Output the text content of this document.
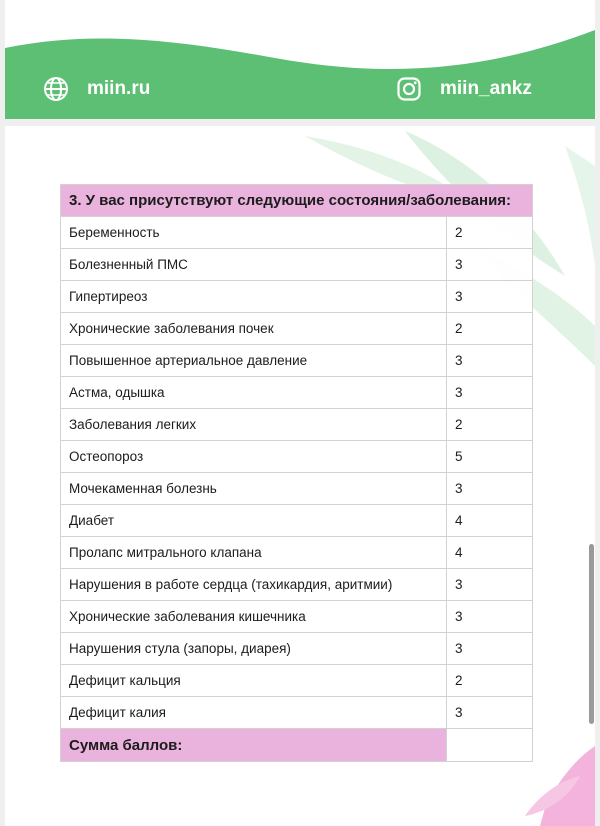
miin.ru	miin_ankz
3. У вас присутствуют следующие состояния/заболевания:	
Беременность	2
Болезненный ПМС	3
Гипертиреоз	3
Хронические заболевания почек	2
Повышенное артериальное давление	3
Астма, одышка	3
Заболевания легких	2
Остеопороз	5
Мочекаменная болезнь	3
Диабет	4
Пролапс митрального клапана	4
Нарушения в работе сердца (тахикардия, аритмии)	3
Хронические заболевания кишечника	3
Нарушения стула (запоры, диарея)	3
Дефицит кальция	2
Дефицит калия	3
Сумма баллов:	
